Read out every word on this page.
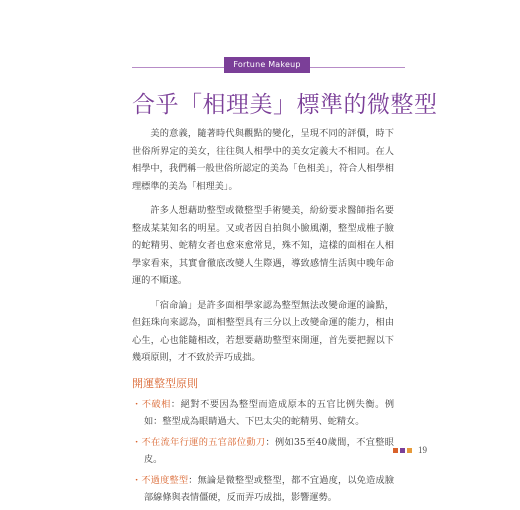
Fortune Makeup
合乎「相理美」標準的微整型

美的意義，隨著時代與觀點的變化，呈現不同的評價，時下世俗所界定的美女，往往與人相學中的美女定義大不相同。在人相學中，我們稱一般世俗所認定的美為「色相美」，符合人相學相理標準的美為「相理美」。

許多人想藉助整型或微整型手術變美，紛紛要求醫師指名要整成某某知名的明星。又或者因自拍與小臉風潮，整型成椎子臉的蛇精男、蛇精女者也愈來愈常見，殊不知，這樣的面相在人相學家看來，其實會徹底改變人生際遇，導致感情生活與中晚年命運的不順遂。

「宿命論」是許多面相學家認為整型無法改變命運的論點，但鈺珠向來認為，面相整型具有三分以上改變命運的能力，相由心生，心也能隨相改，若想要藉助整型來開運，首先要把握以下幾項原則，才不致於弄巧成拙。

開運整型原則

・不破相：絕對不要因為整型而造成原本的五官比例失衡。例如：整型成為眼睛過大、下巴太尖的蛇精男、蛇精女。

・不在流年行運的五官部位動刀：例如35至40歲間，不宜整眼皮。

・不過度整型：無論是微整型或整型，都不宜過度，以免造成臉部線條與表情僵硬，反而弄巧成拙，影響運勢。

19
